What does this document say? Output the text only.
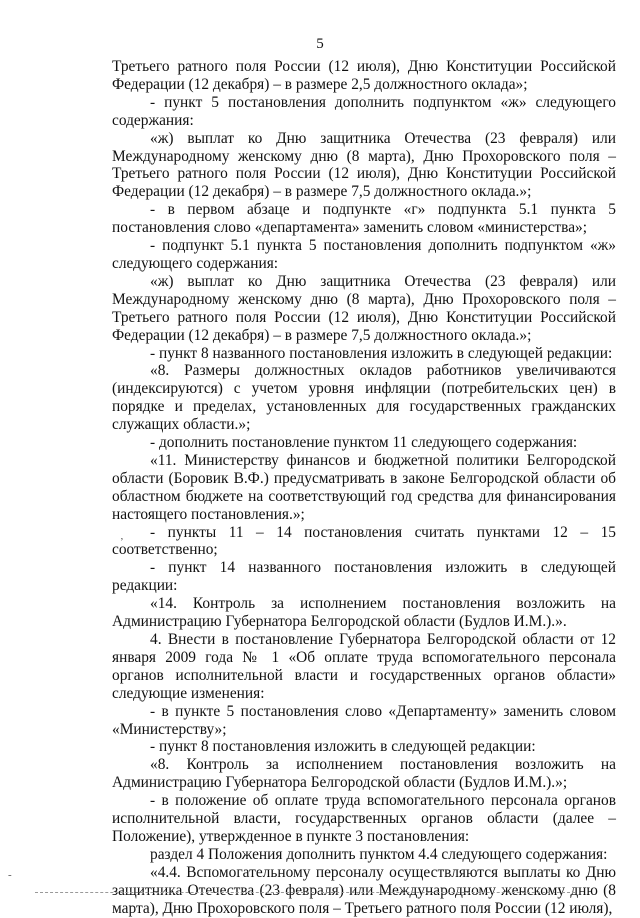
5

Третьего ратного поля России (12 июля), Дню Конституции Российской Федерации (12 декабря) – в размере 2,5 должностного оклада»;

- пункт 5 постановления дополнить подпунктом «ж» следующего содержания:

«ж) выплат ко Дню защитника Отечества (23 февраля) или Международному женскому дню (8 марта), Дню Прохоровского поля – Третьего ратного поля России (12 июля), Дню Конституции Российской Федерации (12 декабря) – в размере 7,5 должностного оклада.»;

- в первом абзаце и подпункте «г» подпункта 5.1 пункта 5 постановления слово «департамента» заменить словом «министерства»;

- подпункт 5.1 пункта 5 постановления дополнить подпунктом «ж» следующего содержания:

«ж) выплат ко Дню защитника Отечества (23 февраля) или Международному женскому дню (8 марта), Дню Прохоровского поля – Третьего ратного поля России (12 июля), Дню Конституции Российской Федерации (12 декабря) – в размере 7,5 должностного оклада.»;

- пункт 8 названного постановления изложить в следующей редакции:

«8. Размеры должностных окладов работников увеличиваются (индексируются) с учетом уровня инфляции (потребительских цен) в порядке и пределах, установленных для государственных гражданских служащих области.»;

- дополнить постановление пунктом 11 следующего содержания:

«11. Министерству финансов и бюджетной политики Белгородской области (Боровик В.Ф.) предусматривать в законе Белгородской области об областном бюджете на соответствующий год средства для финансирования настоящего постановления.»;

- пункты 11 – 14 постановления считать пунктами 12 – 15 соответственно;

- пункт 14 названного постановления изложить в следующей редакции:

«14. Контроль за исполнением постановления возложить на Администрацию Губернатора Белгородской области (Будлов И.М.).».

4. Внести в постановление Губернатора Белгородской области от 12 января 2009 года № 1 «Об оплате труда вспомогательного персонала органов исполнительной власти и государственных органов области» следующие изменения:

- в пункте 5 постановления слово «Департаменту» заменить словом «Министерству»;

- пункт 8 постановления изложить в следующей редакции:

«8. Контроль за исполнением постановления возложить на Администрацию Губернатора Белгородской области (Будлов И.М.).»;

- в положение об оплате труда вспомогательного персонала органов исполнительной власти, государственных органов области (далее – Положение), утвержденное в пункте 3 постановления:

раздел 4 Положения дополнить пунктом 4.4 следующего содержания:

«4.4. Вспомогательному персоналу осуществляются выплаты ко Дню защитника Отечества (23 февраля) или Международному женскому дню (8 марта), Дню Прохоровского поля – Третьего ратного поля России (12 июля),

‚
-
